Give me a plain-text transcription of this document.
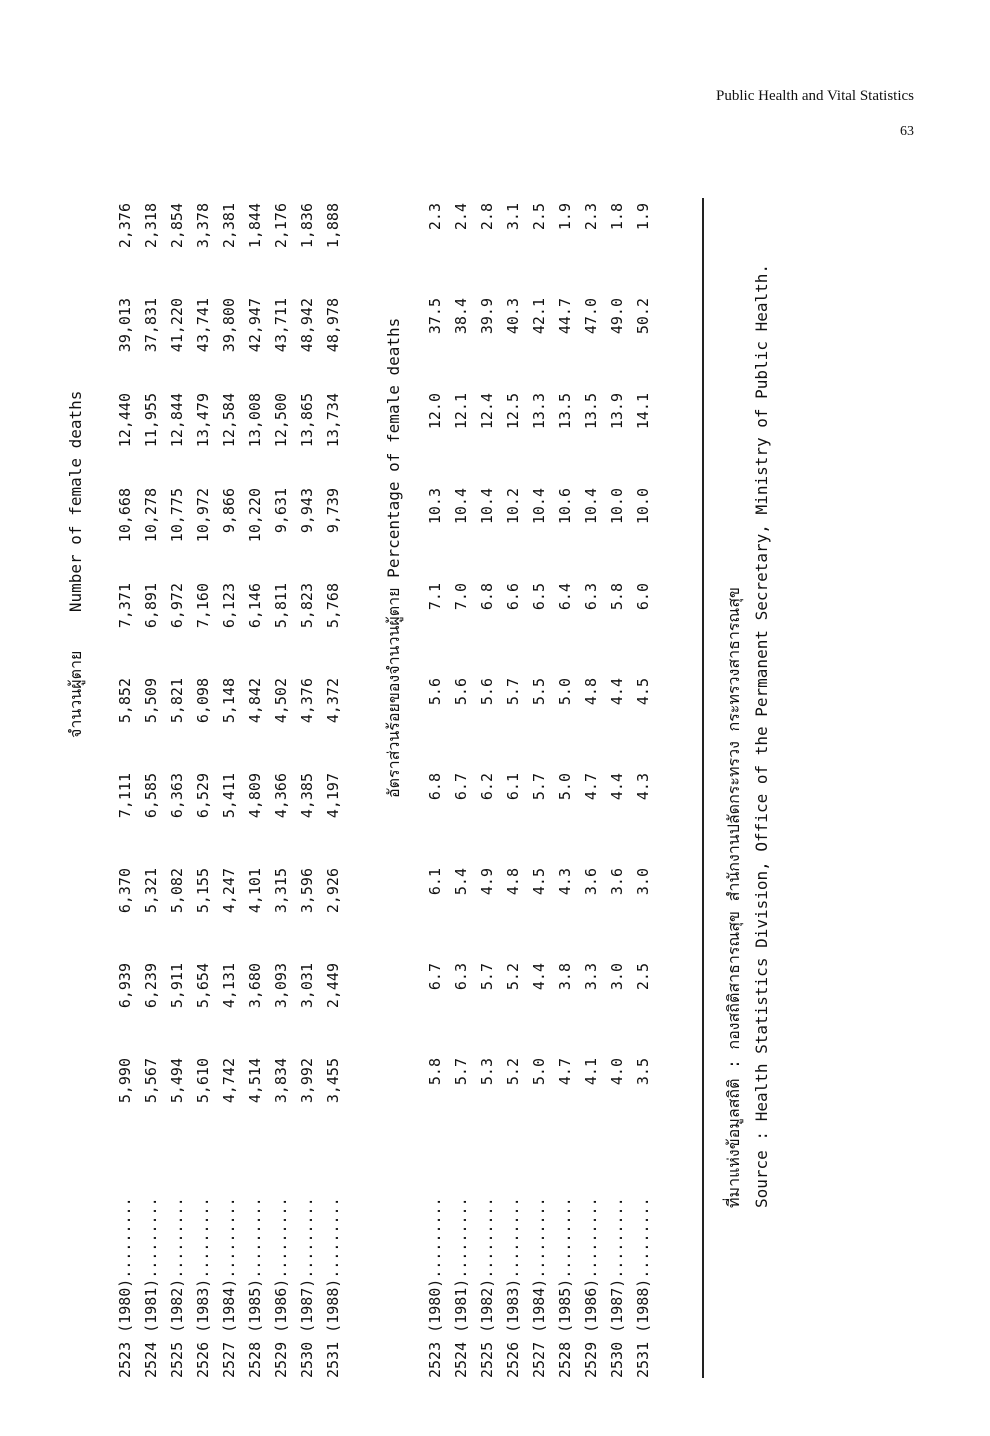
Public Health and Vital Statistics
63
จำนวนผู้ตาย    Number of female deaths
2523 (1980)......... 2524 (1981)......... 2525 (1982)......... 2526 (1983)......... 2527 (1984)......... 2528 (1985)......... 2529 (1986)......... 2530 (1987)......... 2531 (1988).........
5,990 5,567 5,494 5,610 4,742 4,514 3,834 3,992 3,455
6,939 6,239 5,911 5,654 4,131 3,680 3,093 3,031 2,449
6,370 5,321 5,082 5,155 4,247 4,101 3,315 3,596 2,926
7,111 6,585 6,363 6,529 5,411 4,809 4,366 4,385 4,197
5,852 5,509 5,821 6,098 5,148 4,842 4,502 4,376 4,372
7,371 6,891 6,972 7,160 6,123 6,146 5,811 5,823 5,768
10,668 10,278 10,775 10,972 9,866 10,220 9,631 9,943 9,739
12,440 11,955 12,844 13,479 12,584 13,008 12,500 13,865 13,734
39,013 37,831 41,220 43,741 39,800 42,947 43,711 48,942 48,978
2,376 2,318 2,854 3,378 2,381 1,844 2,176 1,836 1,888
อัตราส่วนร้อยของจำนวนผู้ตาย Percentage of female deaths
2523 (1980)......... 2524 (1981)......... 2525 (1982)......... 2526 (1983)......... 2527 (1984)......... 2528 (1985)......... 2529 (1986)......... 2530 (1987)......... 2531 (1988).........
5.8 5.7 5.3 5.2 5.0 4.7 4.1 4.0 3.5
6.7 6.3 5.7 5.2 4.4 3.8 3.3 3.0 2.5
6.1 5.4 4.9 4.8 4.5 4.3 3.6 3.6 3.0
6.8 6.7 6.2 6.1 5.7 5.0 4.7 4.4 4.3
5.6 5.6 5.6 5.7 5.5 5.0 4.8 4.4 4.5
7.1 7.0 6.8 6.6 6.5 6.4 6.3 5.8 6.0
10.3 10.4 10.4 10.2 10.4 10.6 10.4 10.0 10.0
12.0 12.1 12.4 12.5 13.3 13.5 13.5 13.9 14.1
37.5 38.4 39.9 40.3 42.1 44.7 47.0 49.0 50.2
2.3 2.4 2.8 3.1 2.5 1.9 2.3 1.8 1.9
ที่มาแห่งข้อมูลสถิติ : กองสถิติสาธารณสุข สำนักงานปลัดกระทรวง กระทรวงสาธารณสุข Source : Health Statistics Division, Office of the Permanent Secretary, Ministry of Public Health.
